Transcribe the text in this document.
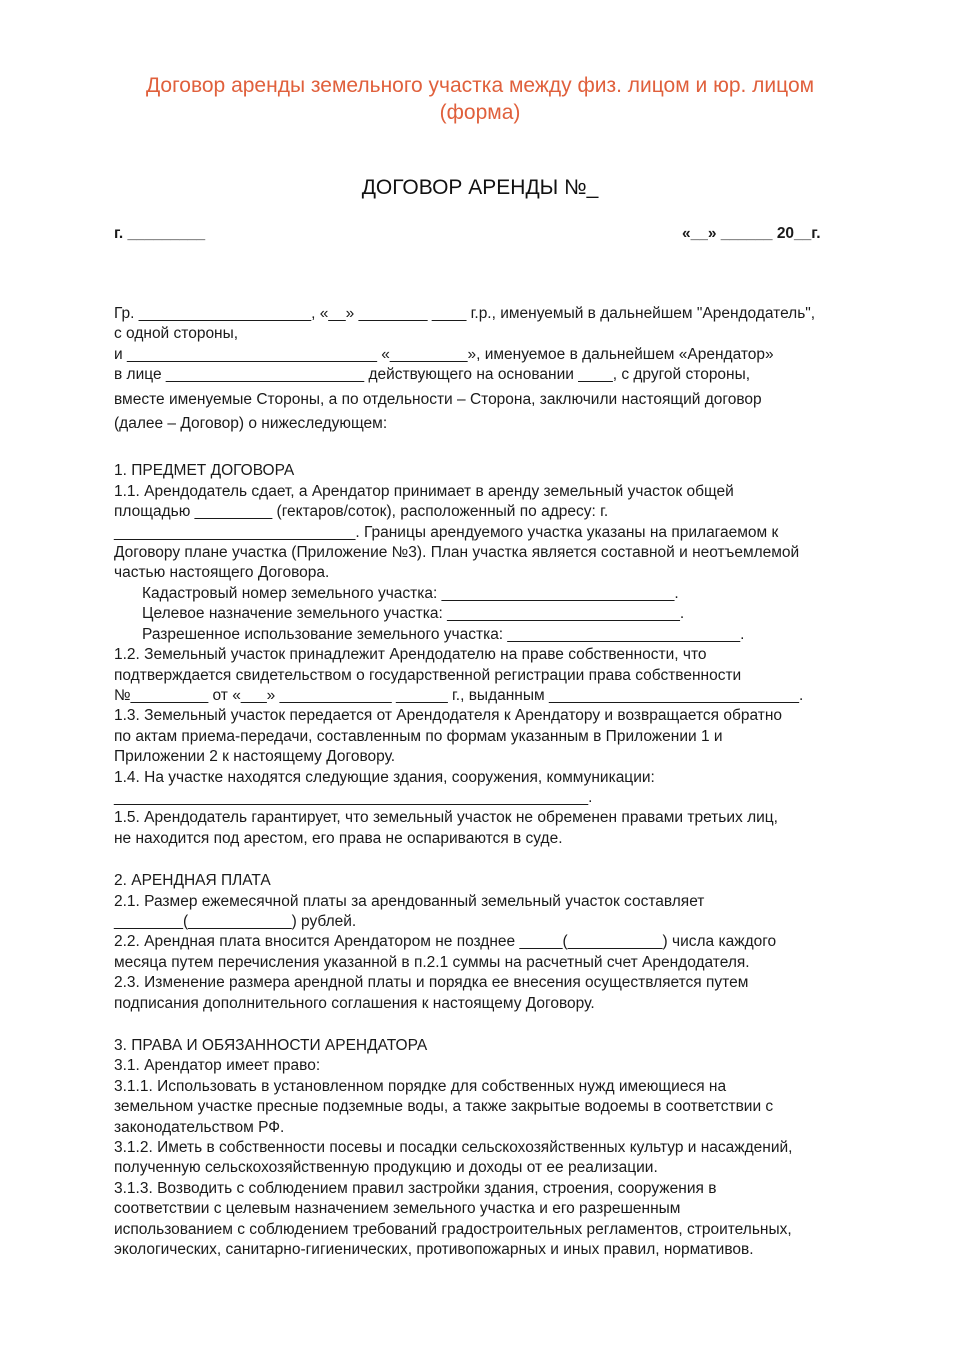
Договор аренды земельного участка между физ. лицом и юр. лицом
(форма)
ДОГОВОР АРЕНДЫ №_
г. _________	«__» ______ 20__г.

Гр. ____________________, «__» ________ ____ г.р., именуемый в дальнейшем "Арендодатель",

с одной стороны,

и _____________________________ «_________», именуемое в дальнейшем «Арендатор»

в лице _______________________ действующего на основании ____, с другой стороны,

вместе именуемые Стороны, а по отдельности – Сторона, заключили настоящий договор

(далее – Договор) о нижеследующем:

1. ПРЕДМЕТ ДОГОВОРА

1.1. Арендодатель сдает, а Арендатор принимает в аренду земельный участок общей

площадью _________ (гектаров/соток), расположенный по адресу: г.

____________________________. Границы арендуемого участка указаны на прилагаемом к

Договору плане участка (Приложение №3). План участка является составной и неотъемлемой

частью настоящего Договора.

Кадастровый номер земельного участка: ___________________________.

Целевое назначение земельного участка: ___________________________.

Разрешенное использование земельного участка: ___________________________.

1.2. Земельный участок принадлежит Арендодателю на праве собственности, что

подтверждается свидетельством о государственной регистрации права собственности

№_________ от «___» _____________ ______ г., выданным _____________________________.

1.3. Земельный участок передается от Арендодателя к Арендатору и возвращается обратно

по актам приема-передачи, составленным по формам указанным в Приложении 1 и

Приложении 2 к настоящему Договору.

1.4. На участке находятся следующие здания, сооружения, коммуникации:

_______________________________________________________.

1.5. Арендодатель гарантирует, что земельный участок не обременен правами третьих лиц,

не находится под арестом, его права не оспариваются в суде.

2. АРЕНДНАЯ ПЛАТА

2.1. Размер ежемесячной платы за арендованный земельный участок составляет

________(____________) рублей.

2.2. Арендная плата вносится Арендатором не позднее _____(___________) числа каждого

месяца путем перечисления указанной в п.2.1 суммы на расчетный счет Арендодателя.

2.3. Изменение размера арендной платы и порядка ее внесения осуществляется путем

подписания дополнительного соглашения к настоящему Договору.

3. ПРАВА И ОБЯЗАННОСТИ АРЕНДАТОРА

3.1. Арендатор имеет право:

3.1.1. Использовать в установленном порядке для собственных нужд имеющиеся на

земельном участке пресные подземные воды, а также закрытые водоемы в соответствии с

законодательством РФ.

3.1.2. Иметь в собственности посевы и посадки сельскохозяйственных культур и насаждений,

полученную сельскохозяйственную продукцию и доходы от ее реализации.

3.1.3. Возводить с соблюдением правил застройки здания, строения, сооружения в

соответствии с целевым назначением земельного участка и его разрешенным

использованием с соблюдением требований градостроительных регламентов, строительных,

экологических, санитарно-гигиенических, противопожарных и иных правил, нормативов.
